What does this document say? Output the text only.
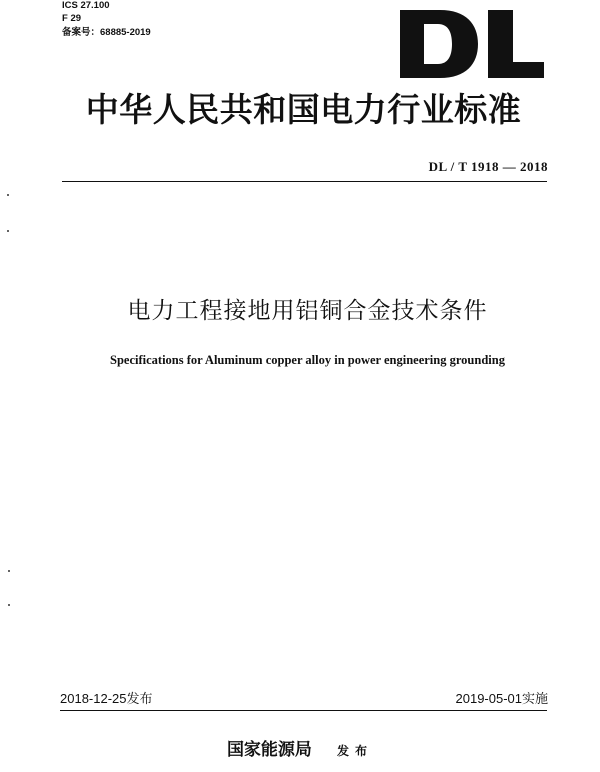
ICS 27.100
F 29
备案号：68885-2019
中华人民共和国电力行业标准
DL / T 1918 — 2018
电力工程接地用铝铜合金技术条件
Specifications for Aluminum copper alloy in power engineering grounding
2018-12-25发布	2019-05-01实施
国家能源局 发布
